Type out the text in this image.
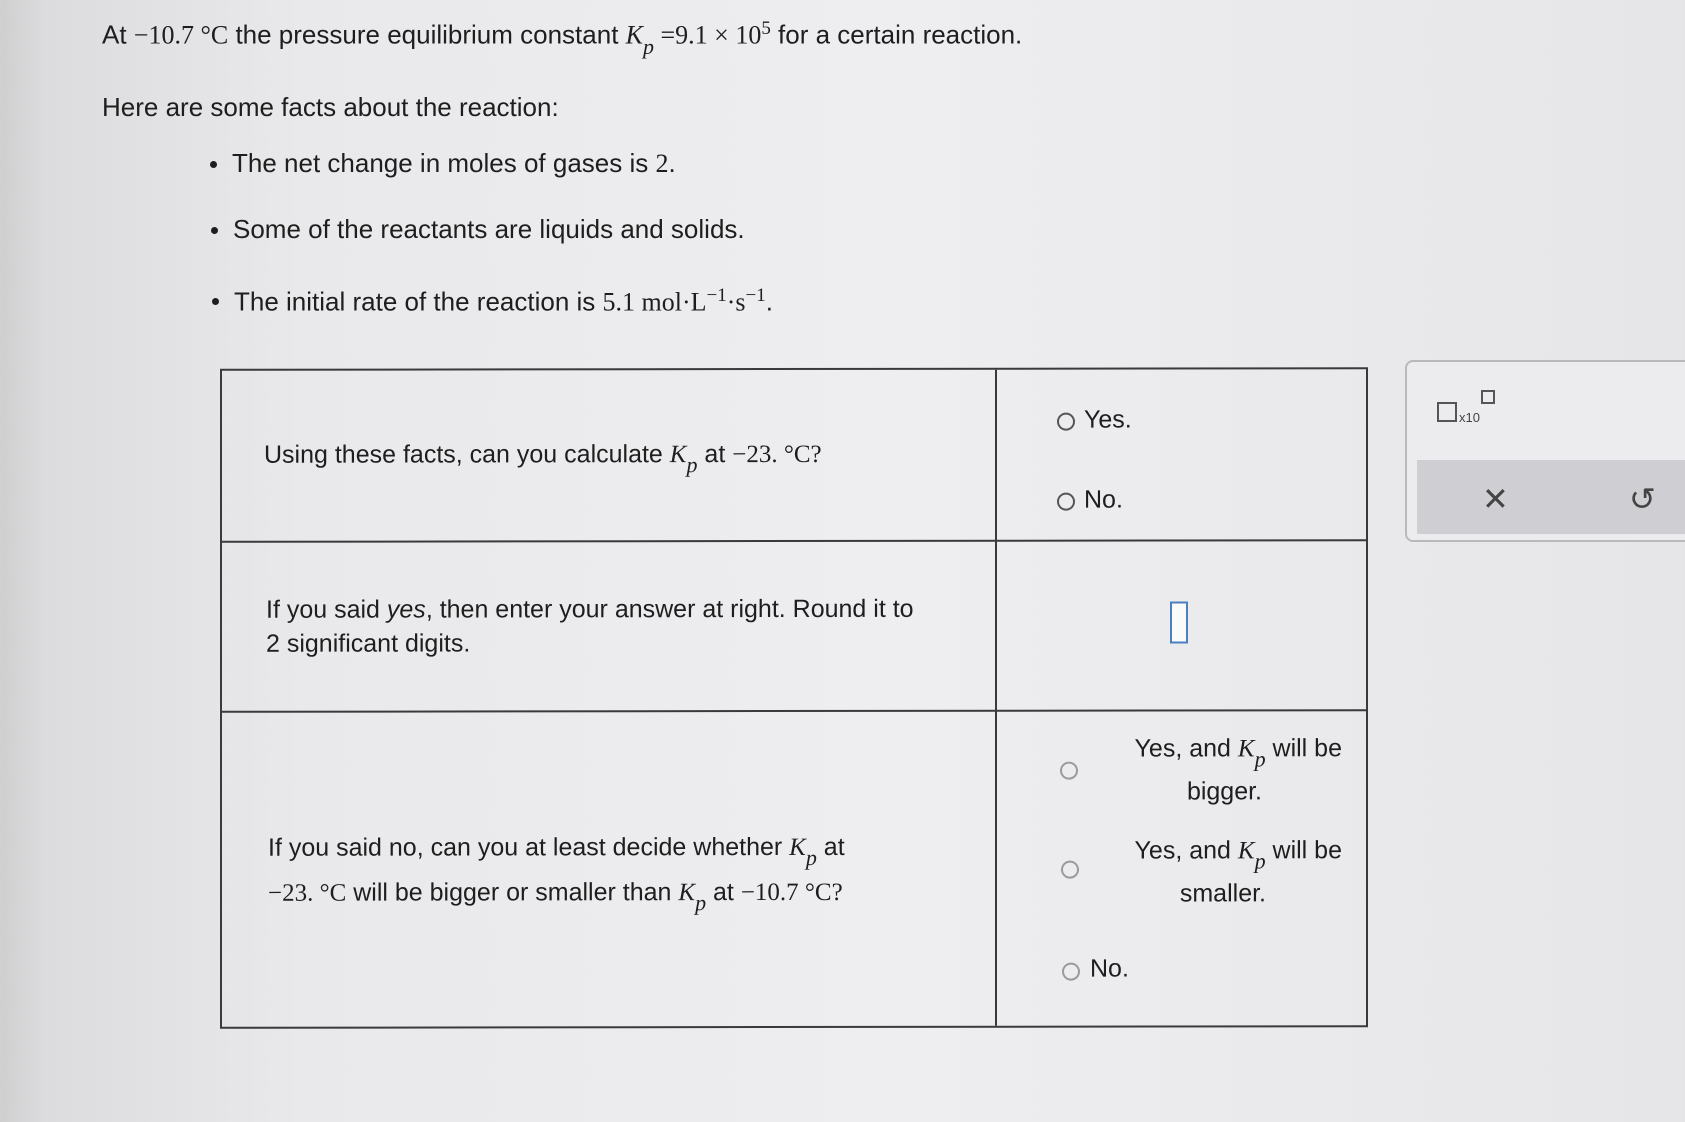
At −10.7 °C the pressure equilibrium constant $K_p =9.1 \times 10^5$ for a certain reaction.
Here are some facts about the reaction:
The net change in moles of gases is 2.
Some of the reactants are liquids and solids.
The initial rate of the reaction is 5.1 $mol\cdot L^{-1}\cdot s^{-1}$.
Using these facts, can you calculate Kp at −23. °C?
Yes.
No.
If you said yes, then enter your answer at right. Round it to
2 significant digits.
If you said no, can you at least decide whether Kp at
−23. °C will be bigger or smaller than Kp at −10.7 °C?
Yes, and Kp will be
bigger.
Yes, and Kp will be
smaller.
No.
x10
✕	↺
